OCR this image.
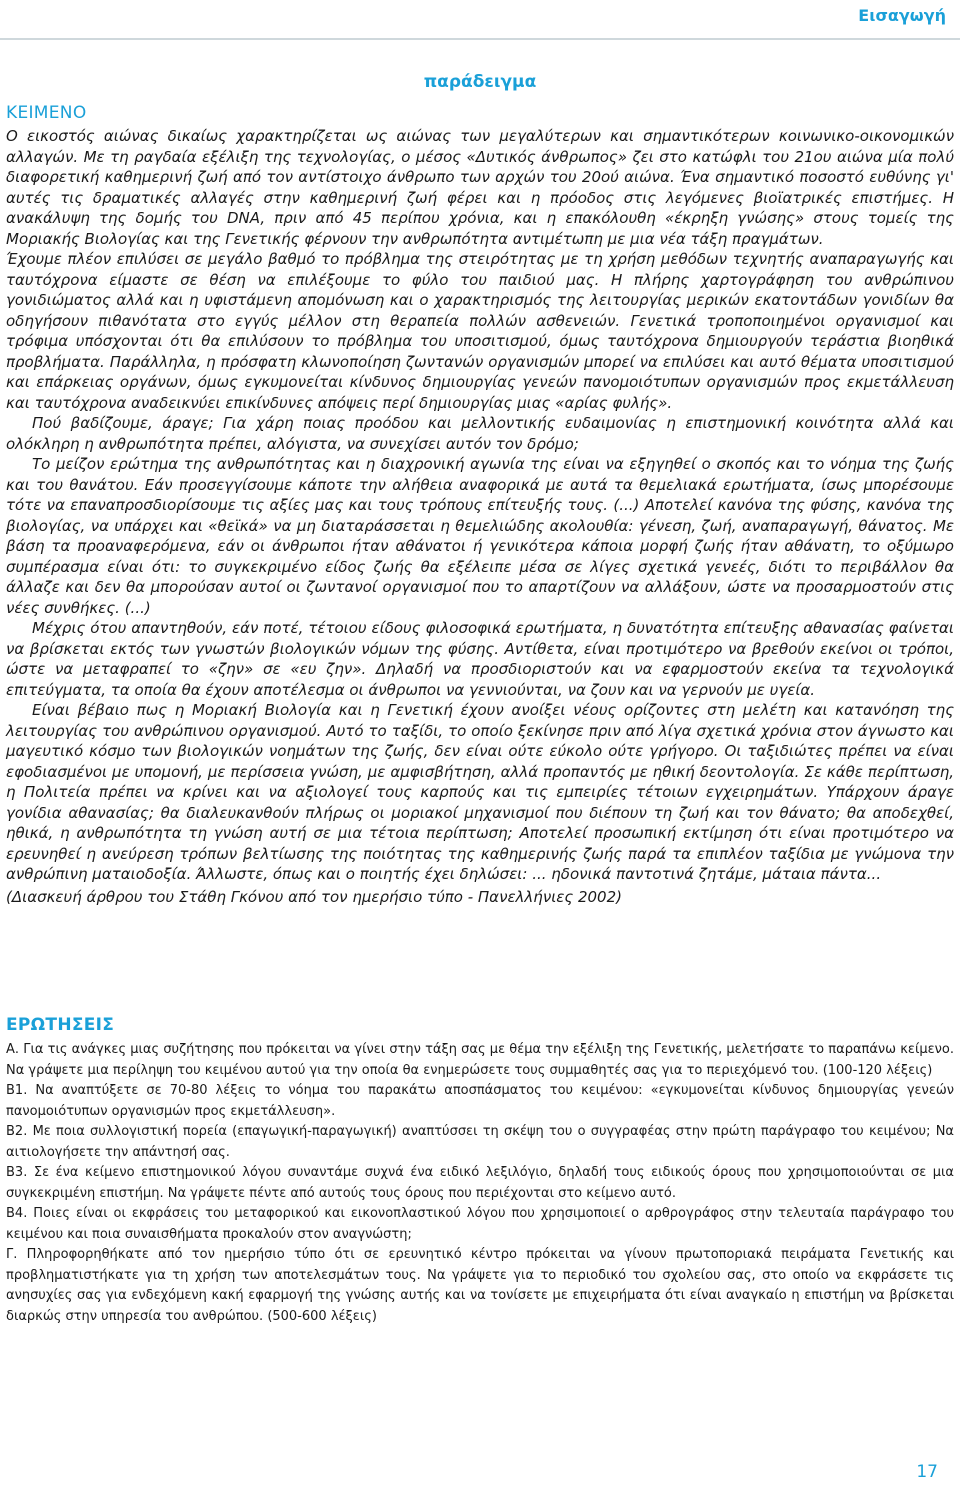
Εισαγωγή
παράδειγμα
ΚΕΙΜΕΝΟ

Ο εικοστός αιώνας δικαίως χαρακτηρίζεται ως αιώνας των μεγαλύτερων και σημαντικότερων κοινωνικο-οικονομικών αλλαγών. Με τη ραγδαία εξέλιξη της τεχνολογίας, ο μέσος «Δυτικός άνθρωπος» ζει στο κατώφλι του 21ου αιώνα μία πολύ διαφορετική καθημερινή ζωή από τον αντίστοιχο άνθρωπο των αρχών του 20ού αιώνα. Ένα σημαντικό ποσοστό ευθύνης γι' αυτές τις δραματικές αλλαγές στην καθημερινή ζωή φέρει και η πρόοδος στις λεγόμενες βιοϊατρικές επιστήμες. Η ανακάλυψη της δομής του DNA, πριν από 45 περίπου χρόνια, και η επακόλουθη «έκρηξη γνώσης» στους τομείς της Μοριακής Βιολογίας και της Γενετικής φέρνουν την ανθρωπότητα αντιμέτωπη με μια νέα τάξη πραγμάτων.

Έχουμε πλέον επιλύσει σε μεγάλο βαθμό το πρόβλημα της στειρότητας με τη χρήση μεθόδων τεχνητής αναπαραγωγής και ταυτόχρονα είμαστε σε θέση να επιλέξουμε το φύλο του παιδιού μας. Η πλήρης χαρτογράφηση του ανθρώπινου γονιδιώματος αλλά και η υφιστάμενη απομόνωση και ο χαρακτηρισμός της λειτουργίας μερικών εκατοντάδων γονιδίων θα οδηγήσουν πιθανότατα στο εγγύς μέλλον στη θεραπεία πολλών ασθενειών. Γενετικά τροποποιημένοι οργανισμοί και τρόφιμα υπόσχονται ότι θα επιλύσουν το πρόβλημα του υποσιτισμού, όμως ταυτόχρονα δημιουργούν τεράστια βιοηθικά προβλήματα. Παράλληλα, η πρόσφατη κλωνοποίηση ζωντανών οργανισμών μπορεί να επιλύσει και αυτό θέματα υποσιτισμού και επάρκειας οργάνων, όμως εγκυμονείται κίνδυνος δημιουργίας γενεών πανομοιότυπων οργανισμών προς εκμετάλλευση και ταυτόχρονα αναδεικνύει επικίνδυνες απόψεις περί δημιουργίας μιας «αρίας φυλής».

Πού βαδίζουμε, άραγε; Για χάρη ποιας προόδου και μελλοντικής ευδαιμονίας η επιστημονική κοινότητα αλλά και ολόκληρη η ανθρωπότητα πρέπει, αλόγιστα, να συνεχίσει αυτόν τον δρόμο;

Το μείζον ερώτημα της ανθρωπότητας και η διαχρονική αγωνία της είναι να εξηγηθεί ο σκοπός και το νόημα της ζωής και του θανάτου. Εάν προσεγγίσουμε κάποτε την αλήθεια αναφορικά με αυτά τα θεμελιακά ερωτήματα, ίσως μπορέσουμε τότε να επαναπροσδιορίσουμε τις αξίες μας και τους τρόπους επίτευξής τους. (...) Αποτελεί κανόνα της φύσης, κανόνα της βιολογίας, να υπάρχει και «θεϊκά» να μη διαταράσσεται η θεμελιώδης ακολουθία: γένεση, ζωή, αναπαραγωγή, θάνατος. Με βάση τα προαναφερόμενα, εάν οι άνθρωποι ήταν αθάνατοι ή γενικότερα κάποια μορφή ζωής ήταν αθάνατη, το οξύμωρο συμπέρασμα είναι ότι: το συγκεκριμένο είδος ζωής θα εξέλειπε μέσα σε λίγες σχετικά γενεές, διότι το περιβάλλον θα άλλαζε και δεν θα μπορούσαν αυτοί οι ζωντανοί οργανισμοί που το απαρτίζουν να αλλάξουν, ώστε να προσαρμοστούν στις νέες συνθήκες. (...)

Μέχρις ότου απαντηθούν, εάν ποτέ, τέτοιου είδους φιλοσοφικά ερωτήματα, η δυνατότητα επίτευξης αθανασίας φαίνεται να βρίσκεται εκτός των γνωστών βιολογικών νόμων της φύσης. Αντίθετα, είναι προτιμότερο να βρεθούν εκείνοι οι τρόποι, ώστε να μεταφραπεί το «ζην» σε «ευ ζην». Δηλαδή να προσδιοριστούν και να εφαρμοστούν εκείνα τα τεχνολογικά επιτεύγματα, τα οποία θα έχουν αποτέλεσμα οι άνθρωποι να γεννιούνται, να ζουν και να γερνούν με υγεία.

Είναι βέβαιο πως η Μοριακή Βιολογία και η Γενετική έχουν ανοίξει νέους ορίζοντες στη μελέτη και κατανόηση της λειτουργίας του ανθρώπινου οργανισμού. Αυτό το ταξίδι, το οποίο ξεκίνησε πριν από λίγα σχετικά χρόνια στον άγνωστο και μαγευτικό κόσμο των βιολογικών νοημάτων της ζωής, δεν είναι ούτε εύκολο ούτε γρήγορο. Οι ταξιδιώτες πρέπει να είναι εφοδιασμένοι με υπομονή, με περίσσεια γνώση, με αμφισβήτηση, αλλά προπαντός με ηθική δεοντολογία. Σε κάθε περίπτωση, η Πολιτεία πρέπει να κρίνει και να αξιολογεί τους καρπούς και τις εμπειρίες τέτοιων εγχειρημάτων. Υπάρχουν άραγε γονίδια αθανασίας; θα διαλευκανθούν πλήρως οι μοριακοί μηχανισμοί που διέπουν τη ζωή και τον θάνατο; θα αποδεχθεί, ηθικά, η ανθρωπότητα τη γνώση αυτή σε μια τέτοια περίπτωση; Αποτελεί προσωπική εκτίμηση ότι είναι προτιμότερο να ερευνηθεί η ανεύρεση τρόπων βελτίωσης της ποιότητας της καθημερινής ζωής παρά τα επιπλέον ταξίδια με γνώμονα την ανθρώπινη ματαιοδοξία. Άλλωστε, όπως και ο ποιητής έχει δηλώσει: ... ηδονικά παντοτινά ζητάμε, μάταια πάντα...

(Διασκευή άρθρου του Στάθη Γκόνου από τον ημερήσιο τύπο - Πανελλήνιες 2002)

ΕΡΩΤΗΣΕΙΣ

Α. Για τις ανάγκες μιας συζήτησης που πρόκειται να γίνει στην τάξη σας με θέμα την εξέλιξη της Γενετικής, μελετήσατε το παραπάνω κείμενο. Να γράψετε μια περίληψη του κειμένου αυτού για την οποία θα ενημερώσετε τους συμμαθητές σας για το περιεχόμενό του. (100-120 λέξεις)

Β1. Να αναπτύξετε σε 70-80 λέξεις το νόημα του παρακάτω αποσπάσματος του κειμένου: «εγκυμονείται κίνδυνος δημιουργίας γενεών πανομοιότυπων οργανισμών προς εκμετάλλευση».

Β2. Με ποια συλλογιστική πορεία (επαγωγική-παραγωγική) αναπτύσσει τη σκέψη του ο συγγραφέας στην πρώτη παράγραφο του κειμένου; Να αιτιολογήσετε την απάντησή σας.

Β3. Σε ένα κείμενο επιστημονικού λόγου συναντάμε συχνά ένα ειδικό λεξιλόγιο, δηλαδή τους ειδικούς όρους που χρησιμοποιούνται σε μια συγκεκριμένη επιστήμη. Να γράψετε πέντε από αυτούς τους όρους που περιέχονται στο κείμενο αυτό.

Β4. Ποιες είναι οι εκφράσεις του μεταφορικού και εικονοπλαστικού λόγου που χρησιμοποιεί ο αρθρογράφος στην τελευταία παράγραφο του κειμένου και ποια συναισθήματα προκαλούν στον αναγνώστη;

Γ. Πληροφορηθήκατε από τον ημερήσιο τύπο ότι σε ερευνητικό κέντρο πρόκειται να γίνουν πρωτοποριακά πειράματα Γενετικής και προβληματιστήκατε για τη χρήση των αποτελεσμάτων τους. Να γράψετε για το περιοδικό του σχολείου σας, στο οποίο να εκφράσετε τις ανησυχίες σας για ενδεχόμενη κακή εφαρμογή της γνώσης αυτής και να τονίσετε με επιχειρήματα ότι είναι αναγκαίο η επιστήμη να βρίσκεται διαρκώς στην υπηρεσία του ανθρώπου. (500-600 λέξεις)

17
